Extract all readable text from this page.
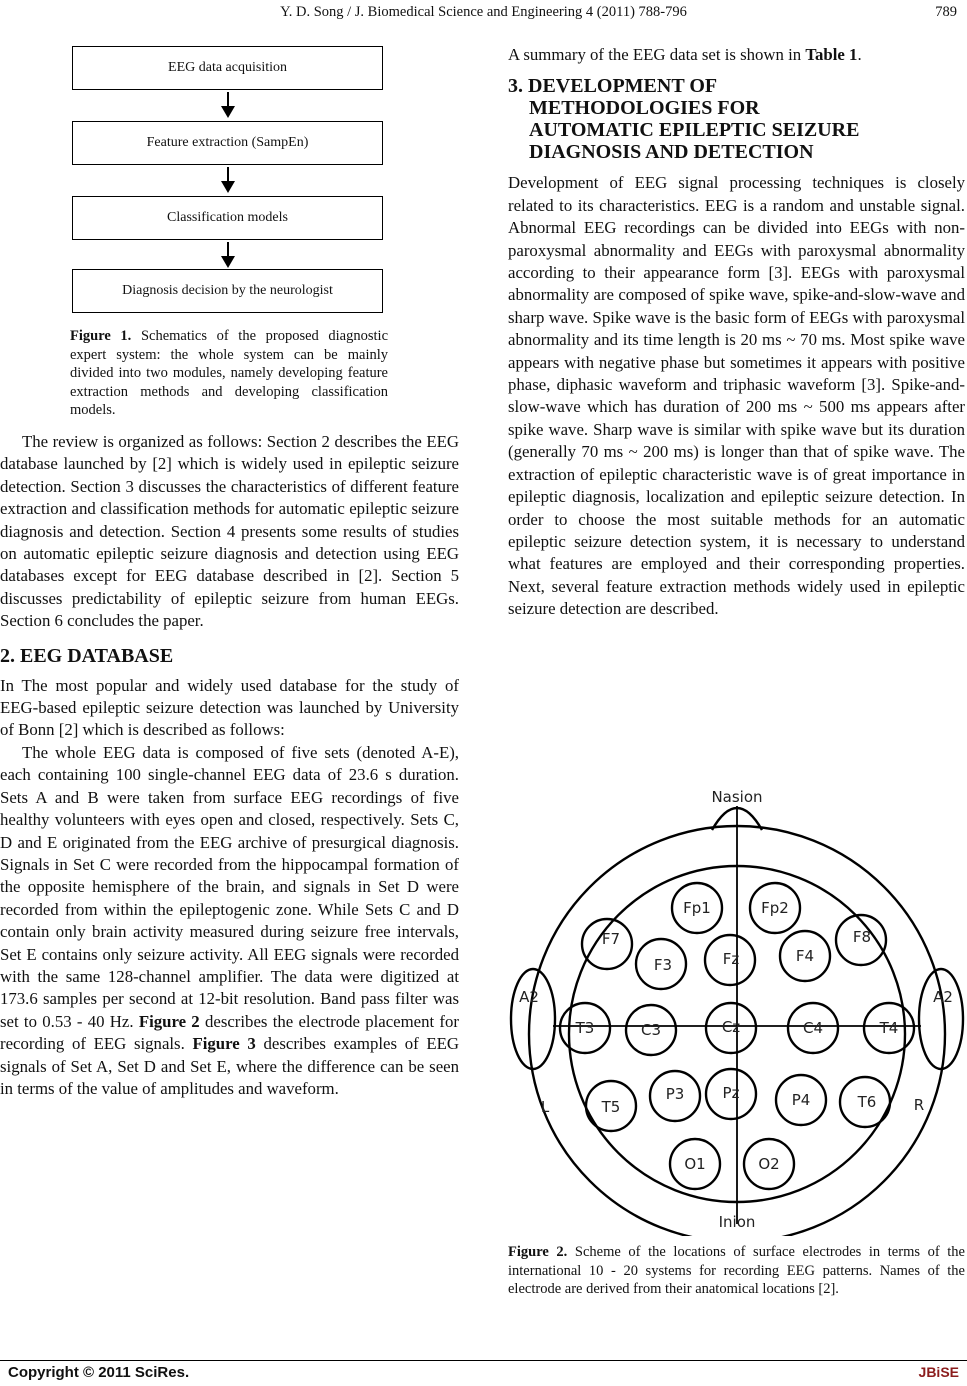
Y. D. Song / J. Biomedical Science and Engineering 4 (2011) 788-796	789
EEG data acquisition
Feature extraction (SampEn)
Classification models
Diagnosis decision by the neurologist
Figure 1. Schematics of the proposed diagnostic expert system: the whole system can be mainly divided into two modules, namely developing feature extraction methods and developing classification models.

The review is organized as follows: Section 2 describes the EEG database launched by [2] which is widely used in epileptic seizure detection. Section 3 discusses the characteristics of different feature extraction and classification methods for automatic epileptic seizure diagnosis and detection. Section 4 presents some results of studies on automatic epileptic seizure diagnosis and detection using EEG databases except for EEG database described in [2]. Section 5 discusses predictability of epileptic seizure from human EEGs. Section 6 concludes the paper.

2. EEG DATABASE

In The most popular and widely used database for the study of EEG-based epileptic seizure detection was launched by University of Bonn [2] which is described as follows:

The whole EEG data is composed of five sets (denoted A-E), each containing 100 single-channel EEG data of 23.6 s duration. Sets A and B were taken from surface EEG recordings of five healthy volunteers with eyes open and closed, respectively. Sets C, D and E originated from the EEG archive of presurgical diagnosis. Signals in Set C were recorded from the hippocampal formation of the opposite hemisphere of the brain, and signals in Set D were recorded from within the epileptogenic zone. While Sets C and D contain only brain activity measured during seizure free intervals, Set E contains only seizure activity. All EEG signals were recorded with the same 128-channel amplifier. The data were digitized at 173.6 samples per second at 12-bit resolution. Band pass filter was set to 0.53 - 40 Hz. Figure 2 describes the electrode placement for recording of EEG signals. Figure 3 describes examples of EEG signals of Set A, Set D and Set E, where the difference can be seen in terms of the value of amplitudes and waveform.

A summary of the EEG data set is shown in Table 1.

3. DEVELOPMENT OF
METHODOLOGIES FOR
AUTOMATIC EPILEPTIC SEIZURE
DIAGNOSIS AND DETECTION

Development of EEG signal processing techniques is closely related to its characteristics. EEG is a random and unstable signal. Abnormal EEG recordings can be divided into EEGs with non-paroxysmal abnormality and EEGs with paroxysmal abnormality according to their appearance form [3]. EEGs with paroxysmal abnormality are composed of spike wave, spike-and-slow-wave and sharp wave. Spike wave is the basic form of EEGs with paroxysmal abnormality and its time length is 20 ms ~ 70 ms. Most spike wave appears with negative phase but sometimes it appears with positive phase, diphasic waveform and triphasic waveform [3]. Spike-and-slow-wave which has duration of 200 ms ~ 500 ms appears after spike wave. Sharp wave is similar with spike wave but its duration (generally 70 ms ~ 200 ms) is longer than that of spike wave. The extraction of epileptic characteristic wave is of great importance in epileptic diagnosis, localization and epileptic seizure detection. In order to choose the most suitable methods for an automatic epileptic seizure detection system, it is necessary to understand what features are employed and their corresponding properties. Next, several feature extraction methods widely used in epileptic seizure detection are described.

Nasion
Inion
L	R
Fp1	Fp2
F7
F3	Fz	F4
F8
A2	A2
T3	C3	Cz	C4	T4
T5
P3	Pz	P4	T6
O1	O2
Figure 2. Scheme of the locations of surface electrodes in terms of the international 10 - 20 systems for recording EEG patterns. Names of the electrode are derived from their anatomical locations [2].
Copyright © 2011 SciRes.	JBiSE
